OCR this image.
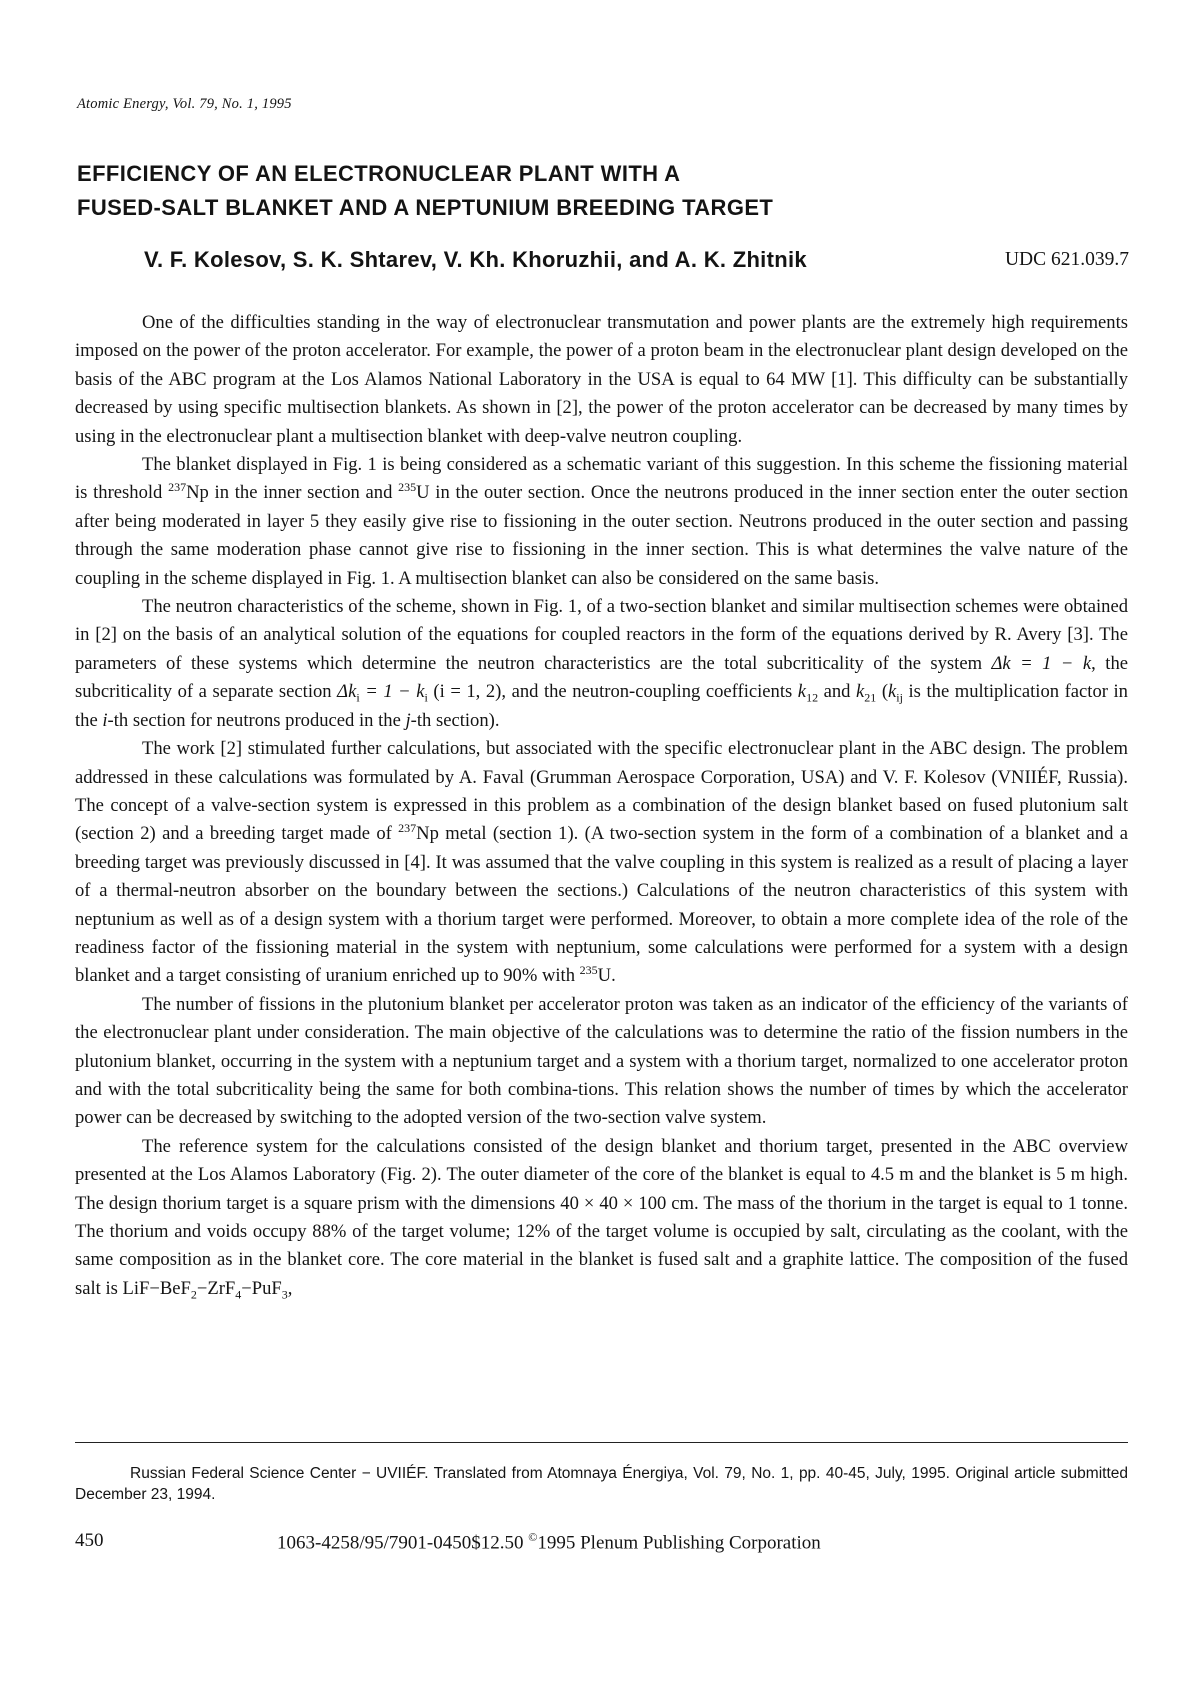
Atomic Energy, Vol. 79, No. 1, 1995
EFFICIENCY OF AN ELECTRONUCLEAR PLANT WITH A
FUSED-SALT BLANKET AND A NEPTUNIUM BREEDING TARGET
V. F. Kolesov, S. K. Shtarev, V. Kh. Khoruzhii, and A. K. Zhitnik	UDC 621.039.7

One of the difficulties standing in the way of electronuclear transmutation and power plants are the extremely high requirements imposed on the power of the proton accelerator. For example, the power of a proton beam in the electronuclear plant design developed on the basis of the ABC program at the Los Alamos National Laboratory in the USA is equal to 64 MW [1]. This difficulty can be substantially decreased by using specific multisection blankets. As shown in [2], the power of the proton accelerator can be decreased by many times by using in the electronuclear plant a multisection blanket with deep-valve neutron coupling.

The blanket displayed in Fig. 1 is being considered as a schematic variant of this suggestion. In this scheme the fissioning material is threshold $^{237}$Np in the inner section and $^{235}$U in the outer section. Once the neutrons produced in the inner section enter the outer section after being moderated in layer 5 they easily give rise to fissioning in the outer section. Neutrons produced in the outer section and passing through the same moderation phase cannot give rise to fissioning in the inner section. This is what determines the valve nature of the coupling in the scheme displayed in Fig. 1. A multisection blanket can also be considered on the same basis.

The neutron characteristics of the scheme, shown in Fig. 1, of a two-section blanket and similar multisection schemes were obtained in [2] on the basis of an analytical solution of the equations for coupled reactors in the form of the equations derived by R. Avery [3]. The parameters of these systems which determine the neutron characteristics are the total subcriticality of the system Δk = 1 − k, the subcriticality of a separate section $\Delta k_i = 1 - k_i$ (i = 1, 2), and the neutron-coupling coefficients $k_{12}$ and $k_{21}$ ($k_{ij}$ is the multiplication factor in the i-th section for neutrons produced in the j-th section).

The work [2] stimulated further calculations, but associated with the specific electronuclear plant in the ABC design. The problem addressed in these calculations was formulated by A. Faval (Grumman Aerospace Corporation, USA) and V. F. Kolesov (VNIIÉF, Russia). The concept of a valve-section system is expressed in this problem as a combination of the design blanket based on fused plutonium salt (section 2) and a breeding target made of $^{237}$Np metal (section 1). (A two-section system in the form of a combination of a blanket and a breeding target was previously discussed in [4]. It was assumed that the valve coupling in this system is realized as a result of placing a layer of a thermal-neutron absorber on the boundary between the sections.) Calculations of the neutron characteristics of this system with neptunium as well as of a design system with a thorium target were performed. Moreover, to obtain a more complete idea of the role of the readiness factor of the fissioning material in the system with neptunium, some calculations were performed for a system with a design blanket and a target consisting of uranium enriched up to 90% with $^{235}$U.

The number of fissions in the plutonium blanket per accelerator proton was taken as an indicator of the efficiency of the variants of the electronuclear plant under consideration. The main objective of the calculations was to determine the ratio of the fission numbers in the plutonium blanket, occurring in the system with a neptunium target and a system with a thorium target, normalized to one accelerator proton and with the total subcriticality being the same for both combina-tions. This relation shows the number of times by which the accelerator power can be decreased by switching to the adopted version of the two-section valve system.

The reference system for the calculations consisted of the design blanket and thorium target, presented in the ABC overview presented at the Los Alamos Laboratory (Fig. 2). The outer diameter of the core of the blanket is equal to 4.5 m and the blanket is 5 m high. The design thorium target is a square prism with the dimensions 40 × 40 × 100 cm. The mass of the thorium in the target is equal to 1 tonne. The thorium and voids occupy 88% of the target volume; 12% of the target volume is occupied by salt, circulating as the coolant, with the same composition as in the blanket core. The core material in the blanket is fused salt and a graphite lattice. The composition of the fused salt is LiF−BeF$_2$−ZrF$_4$−PuF$_3$,

Russian Federal Science Center − UVIIÉF. Translated from Atomnaya Énergiya, Vol. 79, No. 1, pp. 40-45, July, 1995. Original article submitted December 23, 1994.

450	1063-4258/95/7901-0450$12.50 ©1995 Plenum Publishing Corporation
